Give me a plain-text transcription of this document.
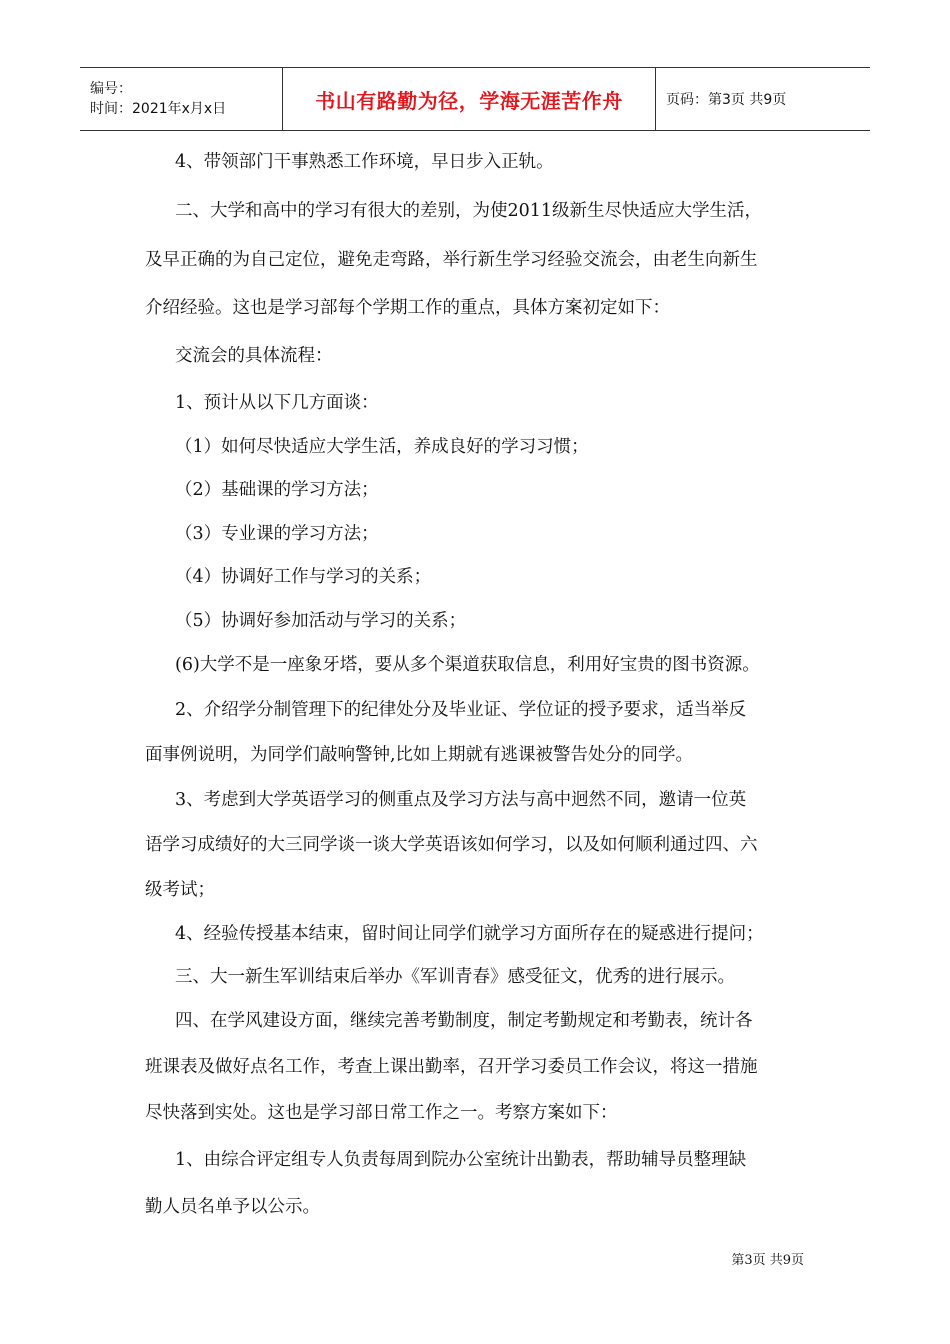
编号：
时间：2021年x月x日	书山有路勤为径，学海无涯苦作舟	页码：第3页 共9页
4、带领部门干事熟悉工作环境，早日步入正轨。
二、大学和高中的学习有很大的差别，为使2011级新生尽快适应大学生活，
及早正确的为自己定位，避免走弯路，举行新生学习经验交流会，由老生向新生
介绍经验。这也是学习部每个学期工作的重点，具体方案初定如下：
交流会的具体流程：
1、预计从以下几方面谈：
（1）如何尽快适应大学生活，养成良好的学习习惯；
（2）基础课的学习方法；
（3）专业课的学习方法；
（4）协调好工作与学习的关系；
（5）协调好参加活动与学习的关系；
(6)大学不是一座象牙塔，要从多个渠道获取信息，利用好宝贵的图书资源。
2、介绍学分制管理下的纪律处分及毕业证、学位证的授予要求，适当举反
面事例说明，为同学们敲响警钟,比如上期就有逃课被警告处分的同学。
3、考虑到大学英语学习的侧重点及学习方法与高中迥然不同，邀请一位英
语学习成绩好的大三同学谈一谈大学英语该如何学习，以及如何顺利通过四、六
级考试；
4、经验传授基本结束，留时间让同学们就学习方面所存在的疑惑进行提问；
三、大一新生军训结束后举办《军训青春》感受征文，优秀的进行展示。
四、在学风建设方面，继续完善考勤制度，制定考勤规定和考勤表，统计各
班课表及做好点名工作，考查上课出勤率，召开学习委员工作会议，将这一措施
尽快落到实处。这也是学习部日常工作之一。考察方案如下：
1、由综合评定组专人负责每周到院办公室统计出勤表，帮助辅导员整理缺
勤人员名单予以公示。
第3页 共9页
